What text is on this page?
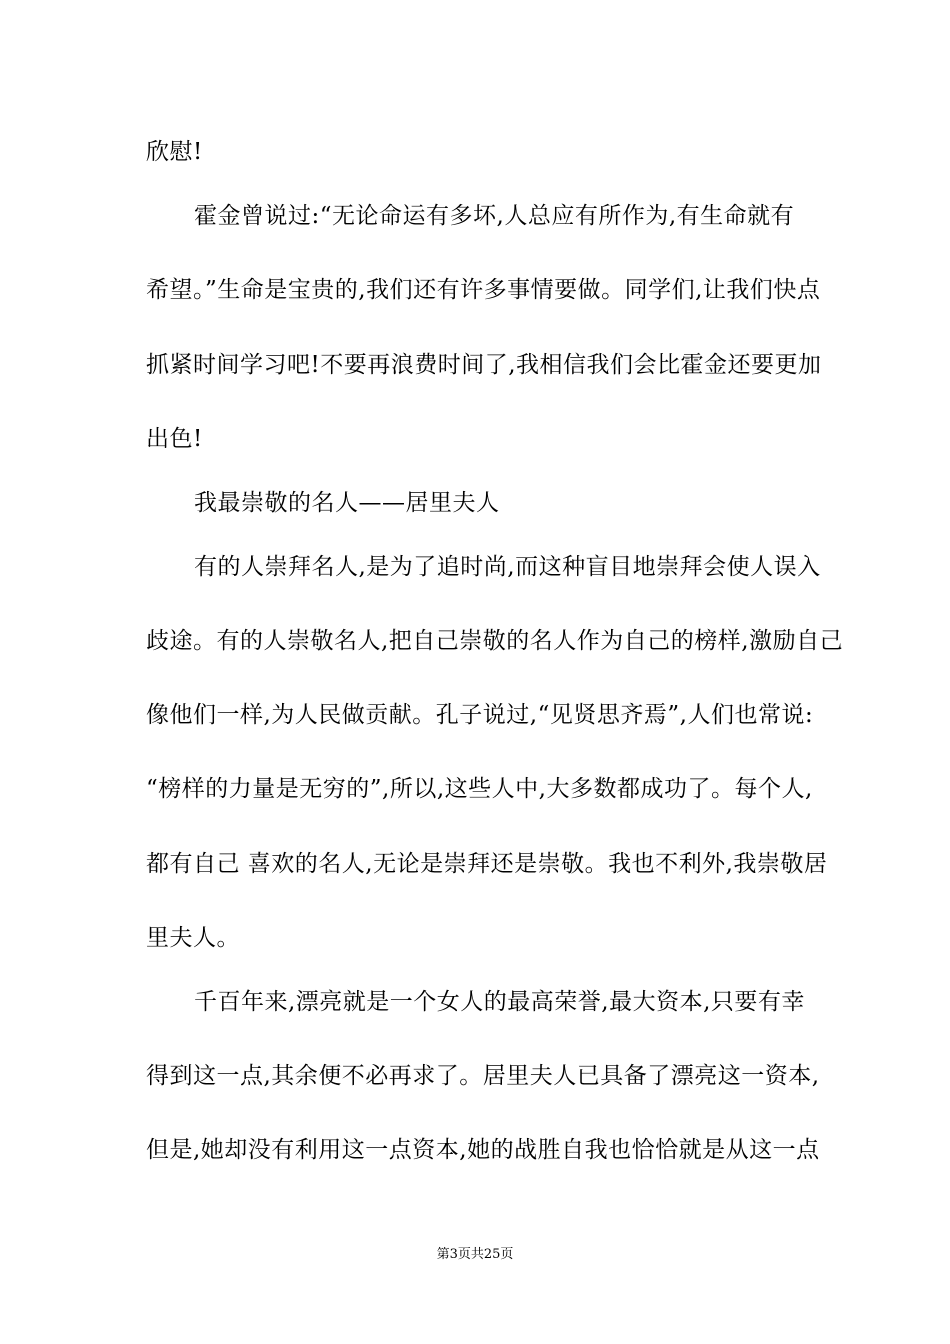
欣慰!
霍金曾说过:“无论命运有多坏,人总应有所作为,有生命就有
希望。”生命是宝贵的,我们还有许多事情要做。同学们,让我们快点
抓紧时间学习吧!不要再浪费时间了,我相信我们会比霍金还要更加
出色!
我最崇敬的名人——居里夫人
有的人崇拜名人,是为了追时尚,而这种盲目地崇拜会使人误入
歧途。有的人崇敬名人,把自己崇敬的名人作为自己的榜样,激励自己
像他们一样,为人民做贡献。孔子说过,“见贤思齐焉”,人们也常说:
“榜样的力量是无穷的”,所以,这些人中,大多数都成功了。每个人,
都有自己 喜欢的名人,无论是崇拜还是崇敬。我也不利外,我崇敬居
里夫人。
千百年来,漂亮就是一个女人的最高荣誉,最大资本,只要有幸
得到这一点,其余便不必再求了。居里夫人已具备了漂亮这一资本,
但是,她却没有利用这一点资本,她的战胜自我也恰恰就是从这一点
第3页共25页
